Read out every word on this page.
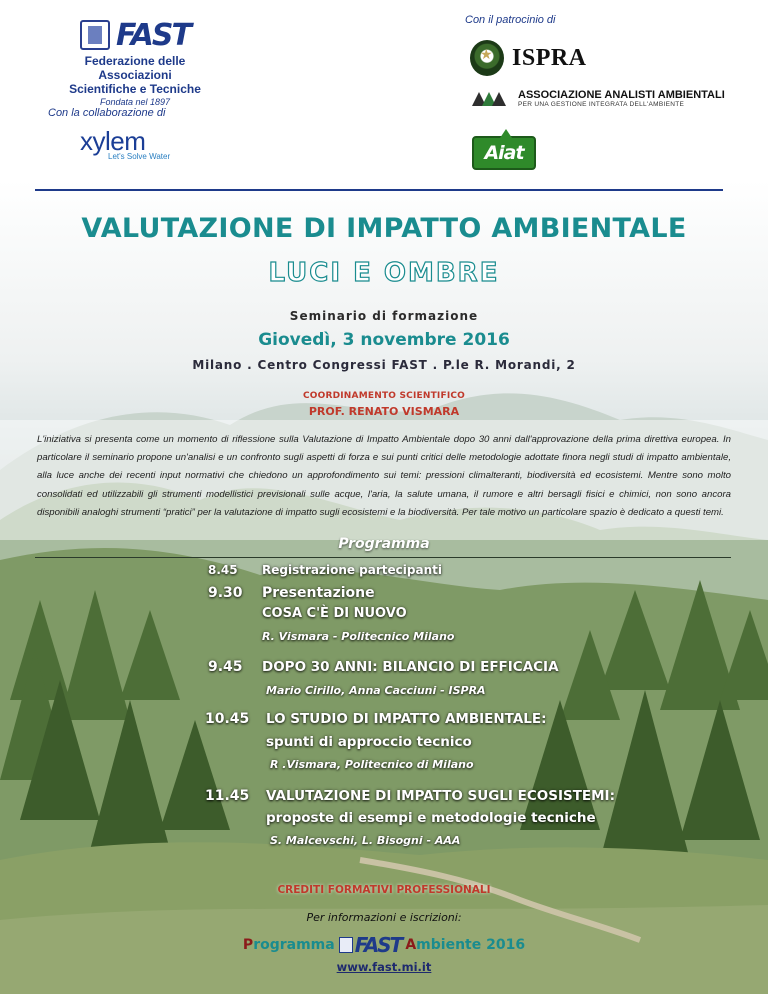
FAST
Federazione delle Associazioni
Scientifiche e Tecniche
Fondata nel 1897
Con la collaborazione di
xylem
Let's Solve Water
Con il patrocinio di
★
ISPRA
ASSOCIAZIONE ANALISTI AMBIENTALI
PER UNA GESTIONE INTEGRATA DELL'AMBIENTE
Aiat
VALUTAZIONE DI IMPATTO AMBIENTALE
LUCI E OMBRE
Seminario di formazione
Giovedì, 3 novembre 2016
Milano . Centro Congressi FAST . P.le R. Morandi, 2
COORDINAMENTO SCIENTIFICO
PROF. RENATO VISMARA

L'iniziativa si presenta come un momento di riflessione sulla Valutazione di Impatto Ambientale dopo 30 anni dall'approvazione della prima direttiva europea. In particolare il seminario propone un'analisi e un confronto sugli aspetti di forza e sui punti critici delle metodologie adottate finora negli studi di impatto ambientale, alla luce anche dei recenti input normativi che chiedono un approfondimento sui temi: pressioni climalteranti, biodiversità ed ecosistemi. Mentre sono molto consolidati ed utilizzabili gli strumenti modellistici previsionali sulle acque, l'aria, la salute umana, il rumore e altri bersagli fisici e chimici, non sono ancora disponibili analoghi strumenti “pratici” per la valutazione di impatto sugli ecosistemi e la biodiversità. Per tale motivo un particolare spazio è dedicato a questi temi.

Programma
8.45 Registrazione partecipanti
9.30 Presentazione
COSA C'È DI NUOVO
R. Vismara - Politecnico Milano
9.45 DOPO 30 ANNI: BILANCIO DI EFFICACIA
Mario Cirillo, Anna Cacciuni - ISPRA
10.45 LO STUDIO DI IMPATTO AMBIENTALE:
spunti di approccio tecnico
R .Vismara, Politecnico di Milano
11.45 VALUTAZIONE DI IMPATTO SUGLI ECOSISTEMI:
proposte di esempi e metodologie tecniche
S. Malcevschi, L. Bisogni - AAA
CREDITI FORMATIVI PROFESSIONALI
Per informazioni e iscrizioni:
Programma FAST Ambiente 2016
www.fast.mi.it
